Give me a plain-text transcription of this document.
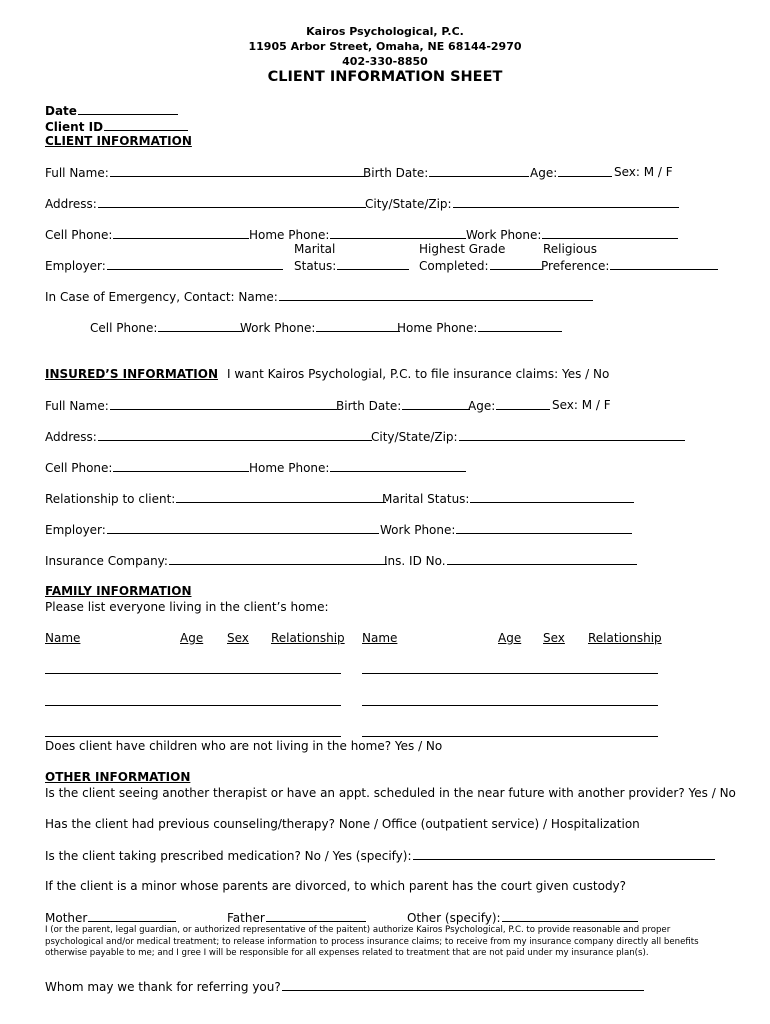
Kairos Psychological, P.C.
11905 Arbor Street, Omaha, NE 68144-2970
402-330-8850
CLIENT INFORMATION SHEET
Date
Client ID
CLIENT INFORMATION
Full Name:	Birth Date:	Age:	Sex: M / F
Address:	City/State/Zip:
Cell Phone:	Home Phone:	Work Phone:
Marital	Highest Grade	Religious
Employer:	Status:	Completed:	Preference:
In Case of Emergency, Contact: Name:
Cell Phone:	Work Phone:	Home Phone:
INSURED’S INFORMATION I want Kairos Psychologial, P.C. to file insurance claims: Yes / No
Full Name:	Birth Date:	Age:	Sex: M / F
Address:	City/State/Zip:
Cell Phone:	Home Phone:
Relationship to client:	Marital Status:
Employer:	Work Phone:
Insurance Company:	Ins. ID No.
FAMILY INFORMATION
Please list everyone living in the client’s home:
Name	Age Sex Relationship Name	Age Sex Relationship
Does client have children who are not living in the home? Yes / No
OTHER INFORMATION
Is the client seeing another therapist or have an appt. scheduled in the near future with another provider? Yes / No
Has the client had previous counseling/therapy? None / Office (outpatient service) / Hospitalization
Is the client taking prescribed medication? No / Yes (specify):
If the client is a minor whose parents are divorced, to which parent has the court given custody?
Mother	Father	Other (specify):
I (or the parent, legal guardian, or authorized representative of the paitent) authorize Kairos Psychological, P.C. to provide reasonable and proper psychological and/or medical treatment; to release information to process insurance claims; to receive from my insurance company directly all benefits otherwise payable to me; and I gree I will be responsible for all expenses related to treatment that are not paid under my insurance plan(s).
Whom may we thank for referring you?
